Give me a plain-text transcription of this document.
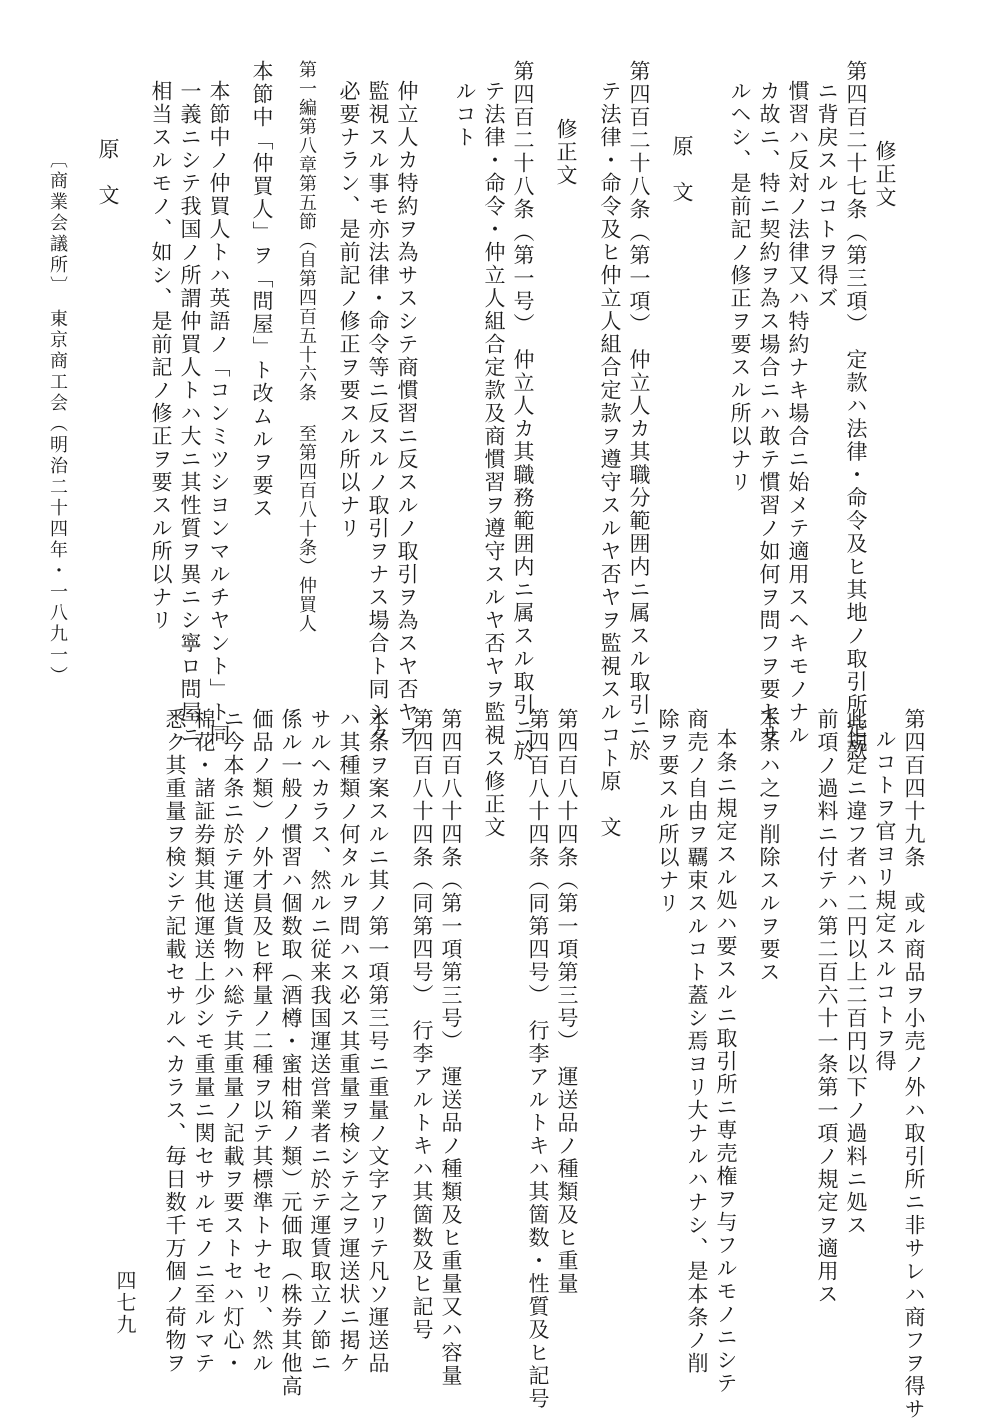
修正文
第四百二十七条（第三項）　定款ハ法律・命令及ヒ其地ノ取引所定款
ニ背戻スルコトヲ得ズ
慣習ハ反対ノ法律又ハ特約ナキ場合ニ始メテ適用スヘキモノナル
カ故ニ、特ニ契約ヲ為ス場合ニハ敢テ慣習ノ如何ヲ問フヲ要セサ
ルヘシ、是前記ノ修正ヲ要スル所以ナリ
原　文
第四百二十八条（第一項）　仲立人カ其職分範囲内ニ属スル取引ニ於
テ法律・命令及ヒ仲立人組合定款ヲ遵守スルヤ否ヤヲ監視スルコト
修正文
第四百二十八条（第一号）　仲立人カ其職務範囲内ニ属スル取引ニ於
テ法律・命令・仲立人組合定款及商慣習ヲ遵守スルヤ否ヤヲ監視ス
ルコト
仲立人カ特約ヲ為サスシテ商慣習ニ反スルノ取引ヲ為スヤ否ヤヲ
監視スル事モ亦法律・命令等ニ反スルノ取引ヲナス場合ト同シク
必要ナラン、是前記ノ修正ヲ要スル所以ナリ
第一編第八章第五節（自第四百五十六条 至第四百八十条）仲買人
本節中「仲買人」ヲ「問屋」ト改ムルヲ要ス
本節中ノ仲買人トハ英語ノ「コンミツシヨンマルチヤント」ト同
一義ニシテ我国ノ所謂仲買人トハ大ニ其性質ヲ異ニシ寧ロ問屋ニ
相当スルモノ、如シ、是前記ノ修正ヲ要スル所以ナリ
原　文
〔商業会議所〕　東京商工会（明治二十四年・一八九一）
第四百四十九条　或ル商品ヲ小売ノ外ハ取引所ニ非サレハ商フヲ得サ
ルコトヲ官ヨリ規定スルコトヲ得
此規定ニ違フ者ハ二円以上二百円以下ノ過料ニ処ス
前項ノ過料ニ付テハ第二百六十一条第一項ノ規定ヲ適用ス
本条ハ之ヲ削除スルヲ要ス
本条ニ規定スル処ハ要スルニ取引所ニ専売権ヲ与フルモノニシテ
商売ノ自由ヲ覊束スルコト蓋シ焉ヨリ大ナルハナシ、是本条ノ削
除ヲ要スル所以ナリ
原　文
第四百八十四条（第一項第三号）　運送品ノ種類及ヒ重量
第四百八十四条（同第四号）　行李アルトキハ其箇数・性質及ヒ記号
修正文
第四百八十四条（第一項第三号）　運送品ノ種類及ヒ重量又ハ容量
第四百八十四条（同第四号）　行李アルトキハ其箇数及ヒ記号
本条ヲ案スルニ其ノ第一項第三号ニ重量ノ文字アリテ凡ソ運送品
ハ其種類ノ何タルヲ問ハス必ス其重量ヲ検シテ之ヲ運送状ニ掲ケ
サルヘカラス、然ルニ従来我国運送営業者ニ於テ運賃取立ノ節ニ
係ル一般ノ慣習ハ個数取（酒樽・蜜柑箱ノ類）元価取（株券其他高
価品ノ類）ノ外才員及ヒ秤量ノ二種ヲ以テ其標準トナセリ、然ル
ニ今本条ニ於テ運送貨物ハ総テ其重量ノ記載ヲ要ストセハ灯心・
棉花・諸証券類其他運送上少シモ重量ニ関セサルモノニ至ルマテ
悉ク其重量ヲ検シテ記載セサルヘカラス、毎日数千万個ノ荷物ヲ
四七九
